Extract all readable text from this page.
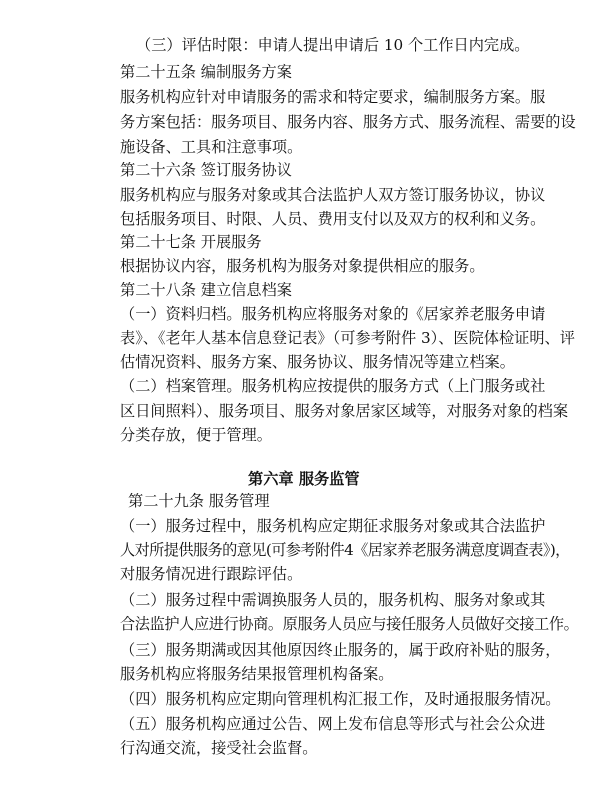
（三）评估时限：申请人提出申请后 10 个工作日内完成。
第二十五条 编制服务方案
服务机构应针对申请服务的需求和特定要求，编制服务方案。服
务方案包括：服务项目、服务内容、服务方式、服务流程、需要的设
施设备、工具和注意事项。
第二十六条 签订服务协议
服务机构应与服务对象或其合法监护人双方签订服务协议，协议
包括服务项目、时限、人员、费用支付以及双方的权利和义务。
第二十七条 开展服务
根据协议内容，服务机构为服务对象提供相应的服务。
第二十八条 建立信息档案
（一）资料归档。服务机构应将服务对象的《居家养老服务申请
表》、《老年人基本信息登记表》（可参考附件 3）、医院体检证明、评
估情况资料、服务方案、服务协议、服务情况等建立档案。
（二）档案管理。服务机构应按提供的服务方式（上门服务或社
区日间照料）、服务项目、服务对象居家区域等，对服务对象的档案
分类存放，便于管理。
第六章 服务监管
第二十九条 服务管理
（一）服务过程中，服务机构应定期征求服务对象或其合法监护
人对所提供服务的意见(可参考附件4《居家养老服务满意度调查表》)，
对服务情况进行跟踪评估。
（二）服务过程中需调换服务人员的，服务机构、服务对象或其
合法监护人应进行协商。原服务人员应与接任服务人员做好交接工作。
（三）服务期满或因其他原因终止服务的，属于政府补贴的服务，
服务机构应将服务结果报管理机构备案。
（四）服务机构应定期向管理机构汇报工作，及时通报服务情况。
（五）服务机构应通过公告、网上发布信息等形式与社会公众进
行沟通交流，接受社会监督。
